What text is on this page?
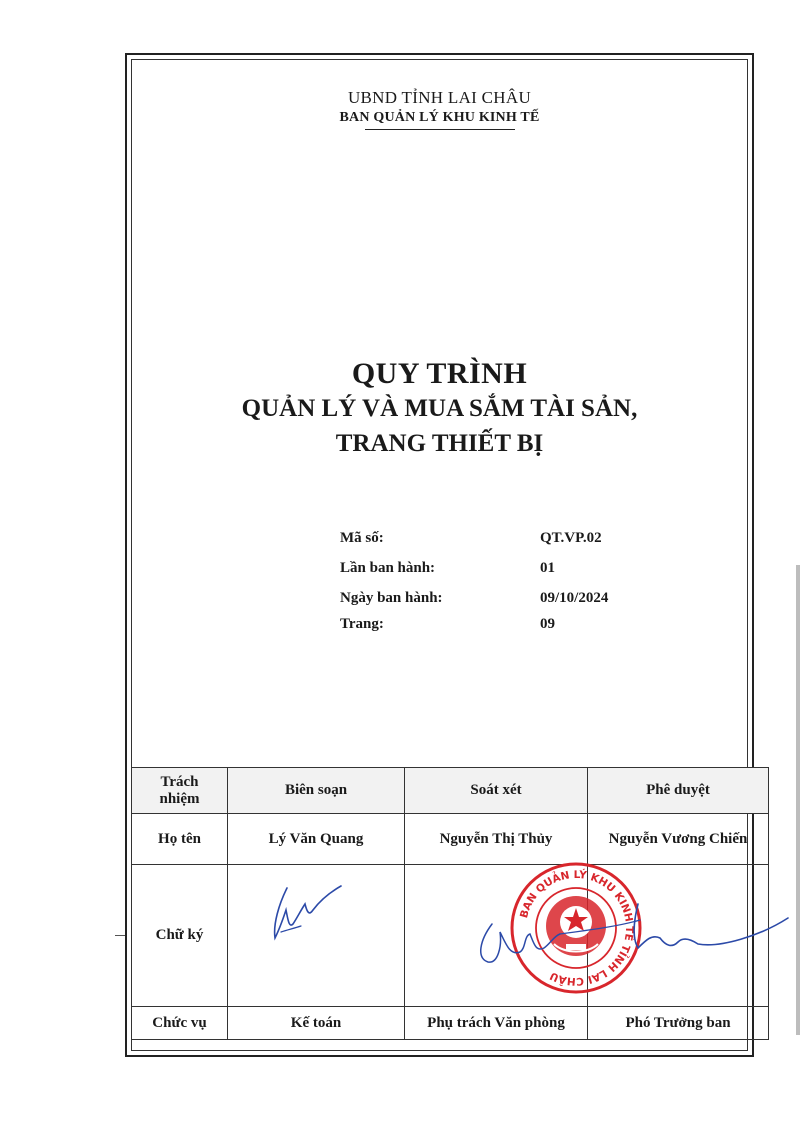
UBND TỈNH LAI CHÂU
BAN QUẢN LÝ KHU KINH TẾ
QUY TRÌNH
QUẢN LÝ VÀ MUA SẮM TÀI SẢN,
TRANG THIẾT BỊ
Mã số:	QT.VP.02
Lần ban hành:	01
Ngày ban hành:	09/10/2024
Trang:	09
Trách
nhiệm	Biên soạn	Soát xét	Phê duyệt
Họ tên	Lý Văn Quang	Nguyễn Thị Thủy	Nguyễn Vương Chiến
Chữ ký			
Chức vụ	Kế toán	Phụ trách Văn phòng	Phó Trưởng ban
BAN QUẢN LÝ KHU KINH TẾ TỈNH LAI CHÂU
